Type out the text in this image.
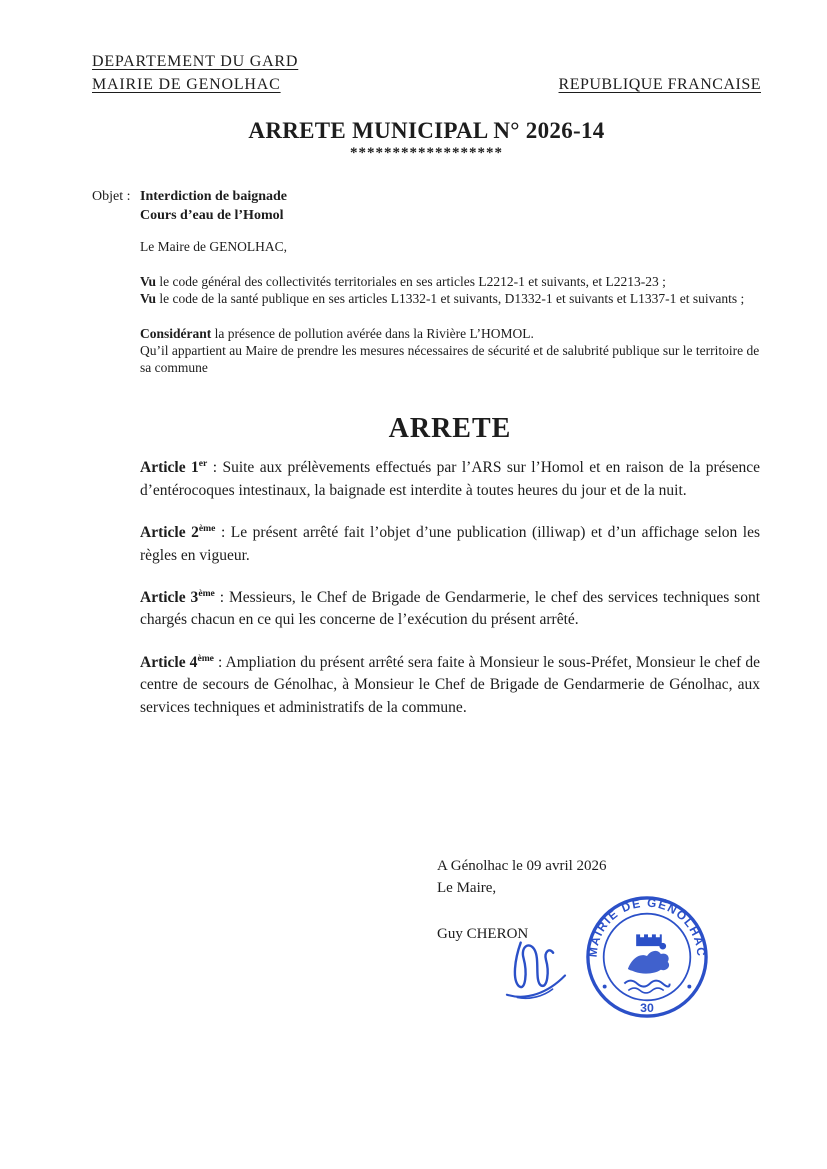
DEPARTEMENT DU GARD
MAIRIE DE GENOLHAC	REPUBLIQUE FRANCAISE
ARRETE MUNICIPAL N° 2026-14
******************
Objet : Interdiction de baignade
Cours d’eau de l’Homol

Le Maire de GENOLHAC,

Vu le code général des collectivités territoriales en ses articles L2212-1 et suivants, et L2213-23 ;
Vu le code de la santé publique en ses articles L1332-1 et suivants, D1332-1 et suivants et L1337-1 et suivants ;

Considérant la présence de pollution avérée dans la Rivière L’HOMOL.
Qu’il appartient au Maire de prendre les mesures nécessaires de sécurité et de salubrité publique sur le territoire de sa commune

ARRETE

Article 1er : Suite aux prélèvements effectués par l’ARS sur l’Homol et en raison de la présence d’entérocoques intestinaux, la baignade est interdite à toutes heures du jour et de la nuit.

Article 2ème : Le présent arrêté fait l’objet d’une publication (illiwap) et d’un affichage selon les règles en vigueur.

Article 3ème : Messieurs, le Chef de Brigade de Gendarmerie, le chef des services techniques sont chargés chacun en ce qui les concerne de l’exécution du présent arrêté.

Article 4ème : Ampliation du présent arrêté sera faite à Monsieur le sous-Préfet, Monsieur le chef de centre de secours de Génolhac, à Monsieur le Chef de Brigade de Gendarmerie de Génolhac, aux services techniques et administratifs de la commune.

A Génolhac le 09 avril 2026
Le Maire,
Guy CHERON
MAIRIE DE GÉNOLHAC
30
